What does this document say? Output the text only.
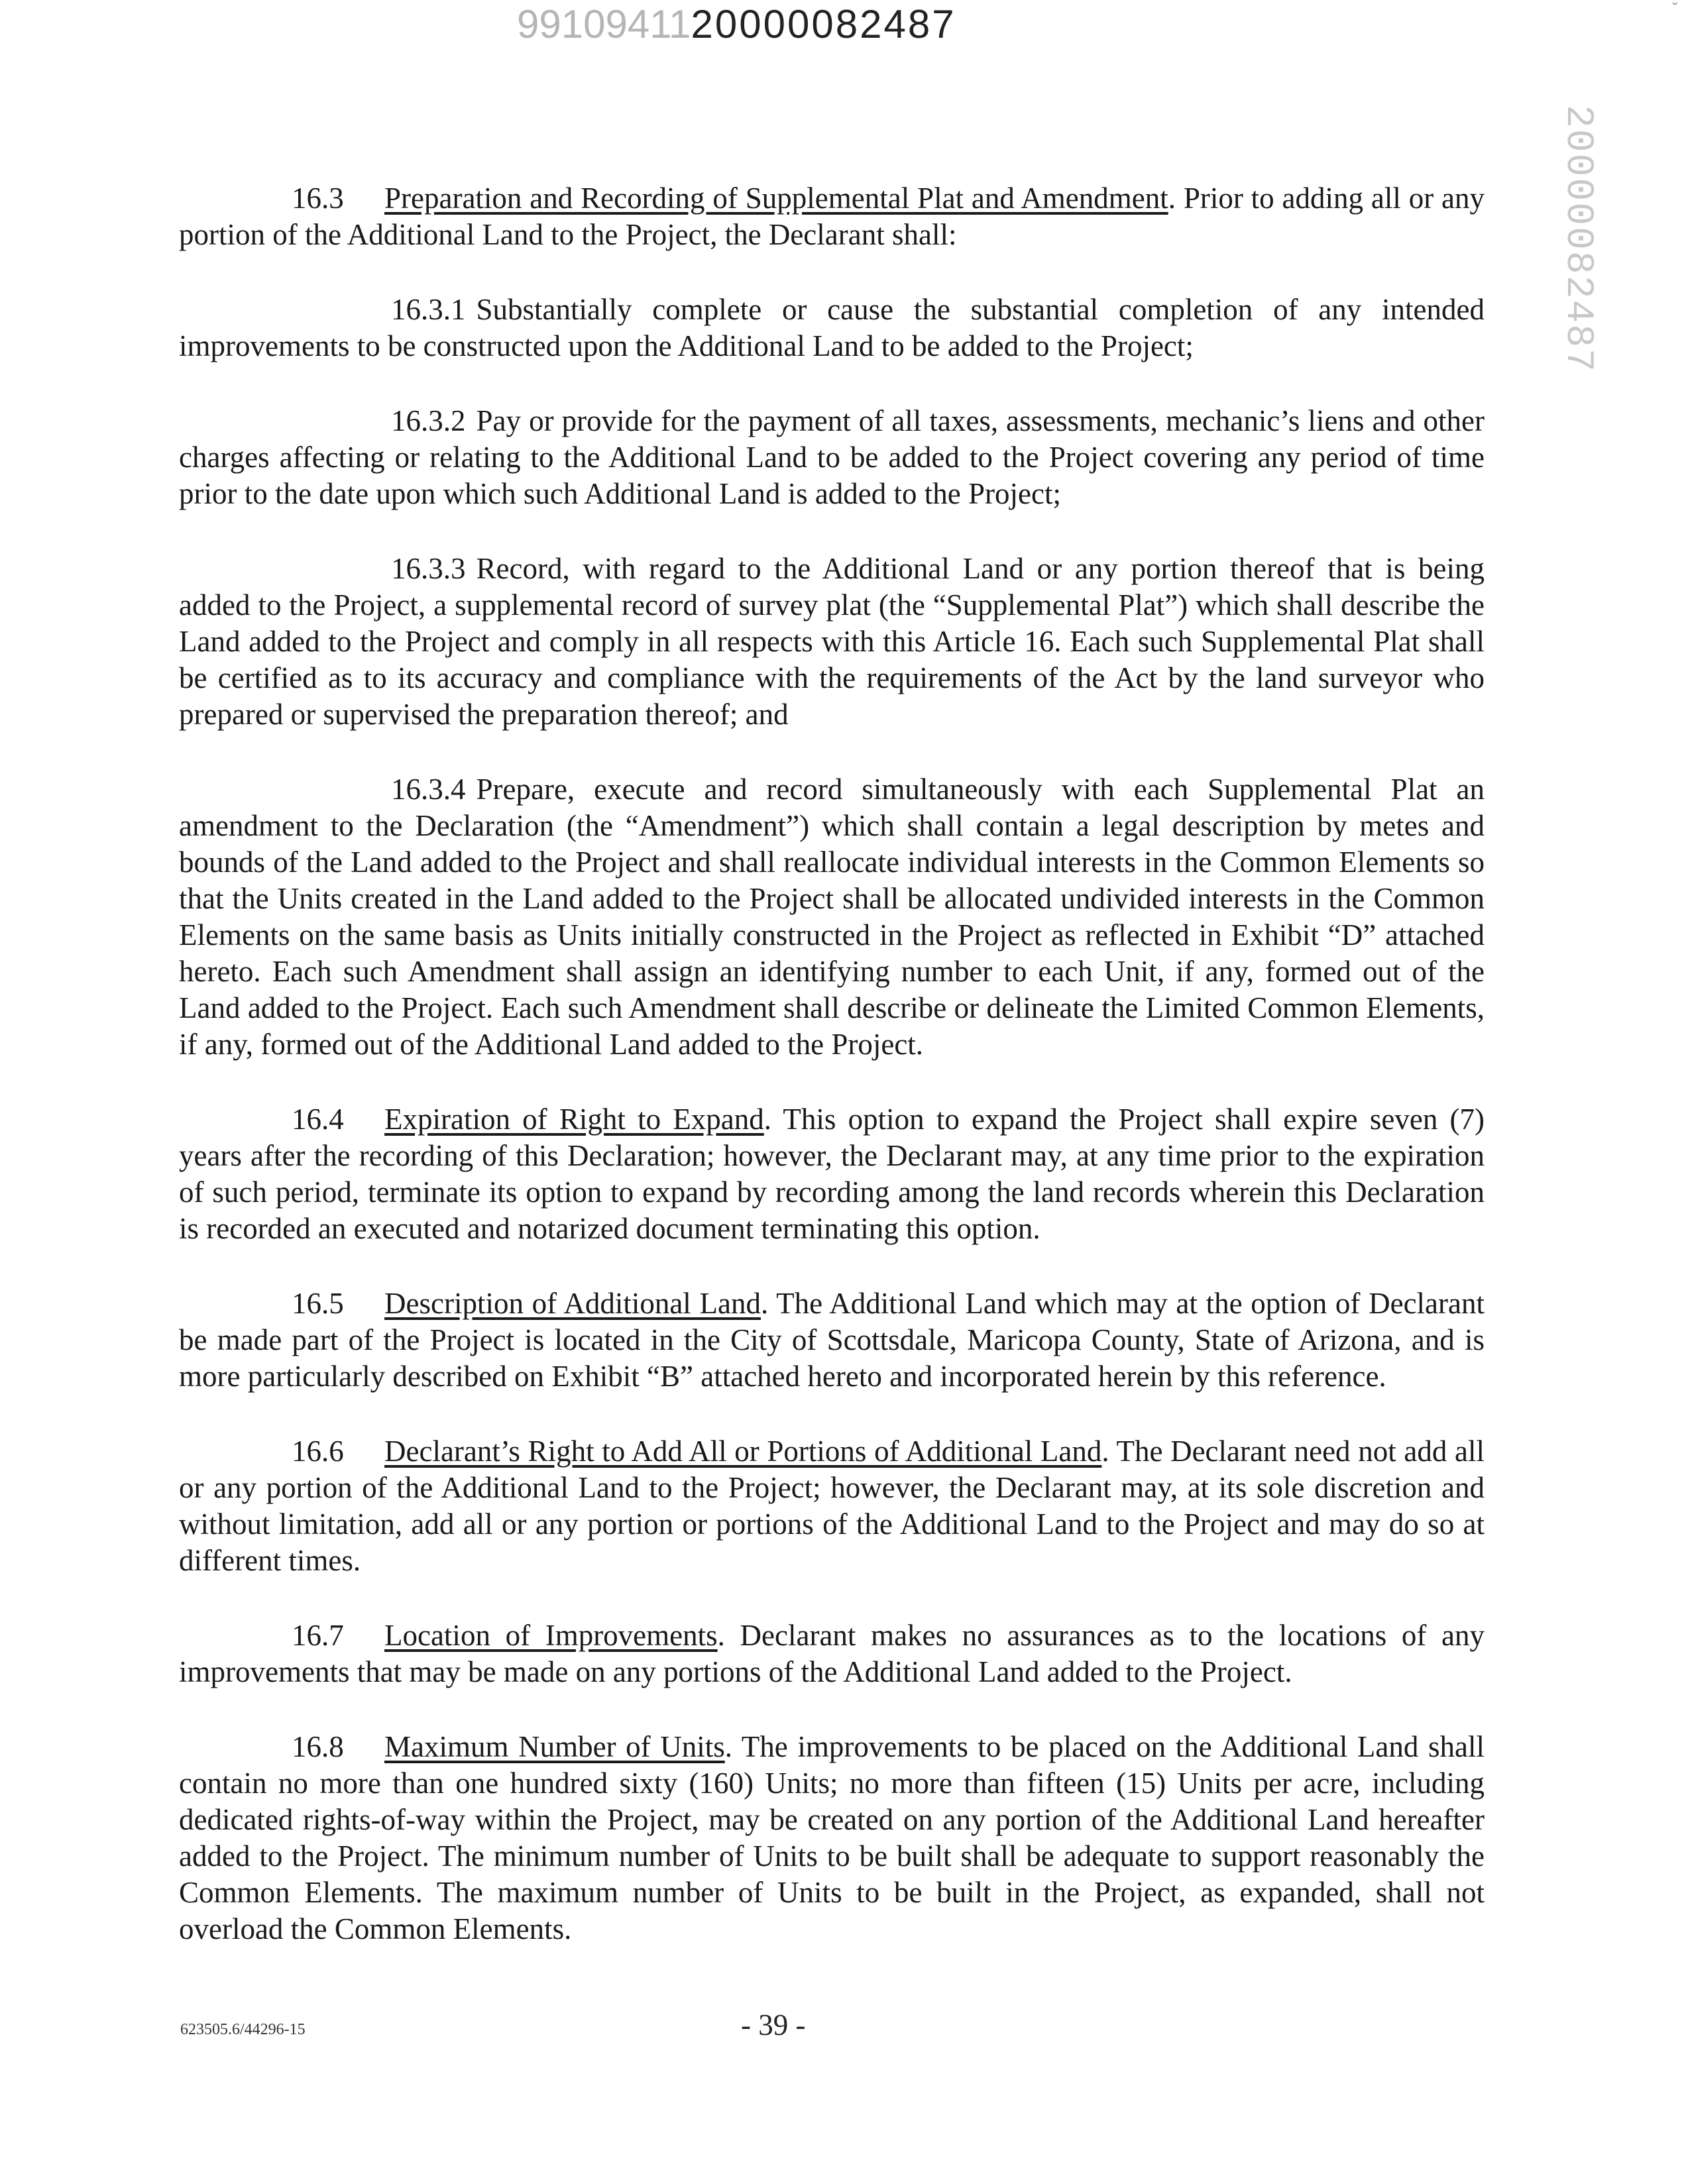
9910941120000082487
20000082487
˘

16.3 Preparation and Recording of Supplemental Plat and Amendment. Prior to adding all or any portion of the Additional Land to the Project, the Declarant shall:

16.3.1 Substantially complete or cause the substantial completion of any intended improvements to be constructed upon the Additional Land to be added to the Project;

16.3.2 Pay or provide for the payment of all taxes, assessments, mechanic’s liens and other charges affecting or relating to the Additional Land to be added to the Project covering any period of time prior to the date upon which such Additional Land is added to the Project;

16.3.3 Record, with regard to the Additional Land or any portion thereof that is being added to the Project, a supplemental record of survey plat (the “Supplemental Plat”) which shall describe the Land added to the Project and comply in all respects with this Article 16. Each such Supplemental Plat shall be certified as to its accuracy and compliance with the requirements of the Act by the land surveyor who prepared or supervised the preparation thereof; and

16.3.4 Prepare, execute and record simultaneously with each Supplemental Plat an amendment to the Declaration (the “Amendment”) which shall contain a legal description by metes and bounds of the Land added to the Project and shall reallocate individual interests in the Common Elements so that the Units created in the Land added to the Project shall be allocated undivided interests in the Common Elements on the same basis as Units initially constructed in the Project as reflected in Exhibit “D” attached hereto. Each such Amendment shall assign an identifying number to each Unit, if any, formed out of the Land added to the Project. Each such Amendment shall describe or delineate the Limited Common Elements, if any, formed out of the Additional Land added to the Project.

16.4 Expiration of Right to Expand. This option to expand the Project shall expire seven (7) years after the recording of this Declaration; however, the Declarant may, at any time prior to the expiration of such period, terminate its option to expand by recording among the land records wherein this Declaration is recorded an executed and notarized document terminating this option.

16.5 Description of Additional Land. The Additional Land which may at the option of Declarant be made part of the Project is located in the City of Scottsdale, Maricopa County, State of Arizona, and is more particularly described on Exhibit “B” attached hereto and incorporated herein by this reference.

16.6 Declarant’s Right to Add All or Portions of Additional Land. The Declarant need not add all or any portion of the Additional Land to the Project; however, the Declarant may, at its sole discretion and without limitation, add all or any portion or portions of the Additional Land to the Project and may do so at different times.

16.7 Location of Improvements. Declarant makes no assurances as to the locations of any improvements that may be made on any portions of the Additional Land added to the Project.

16.8 Maximum Number of Units. The improvements to be placed on the Additional Land shall contain no more than one hundred sixty (160) Units; no more than fifteen (15) Units per acre, including dedicated rights-of-way within the Project, may be created on any portion of the Additional Land hereafter added to the Project. The minimum number of Units to be built shall be adequate to support reasonably the Common Elements. The maximum number of Units to be built in the Project, as expanded, shall not overload the Common Elements.

623505.6/44296-15	- 39 -
